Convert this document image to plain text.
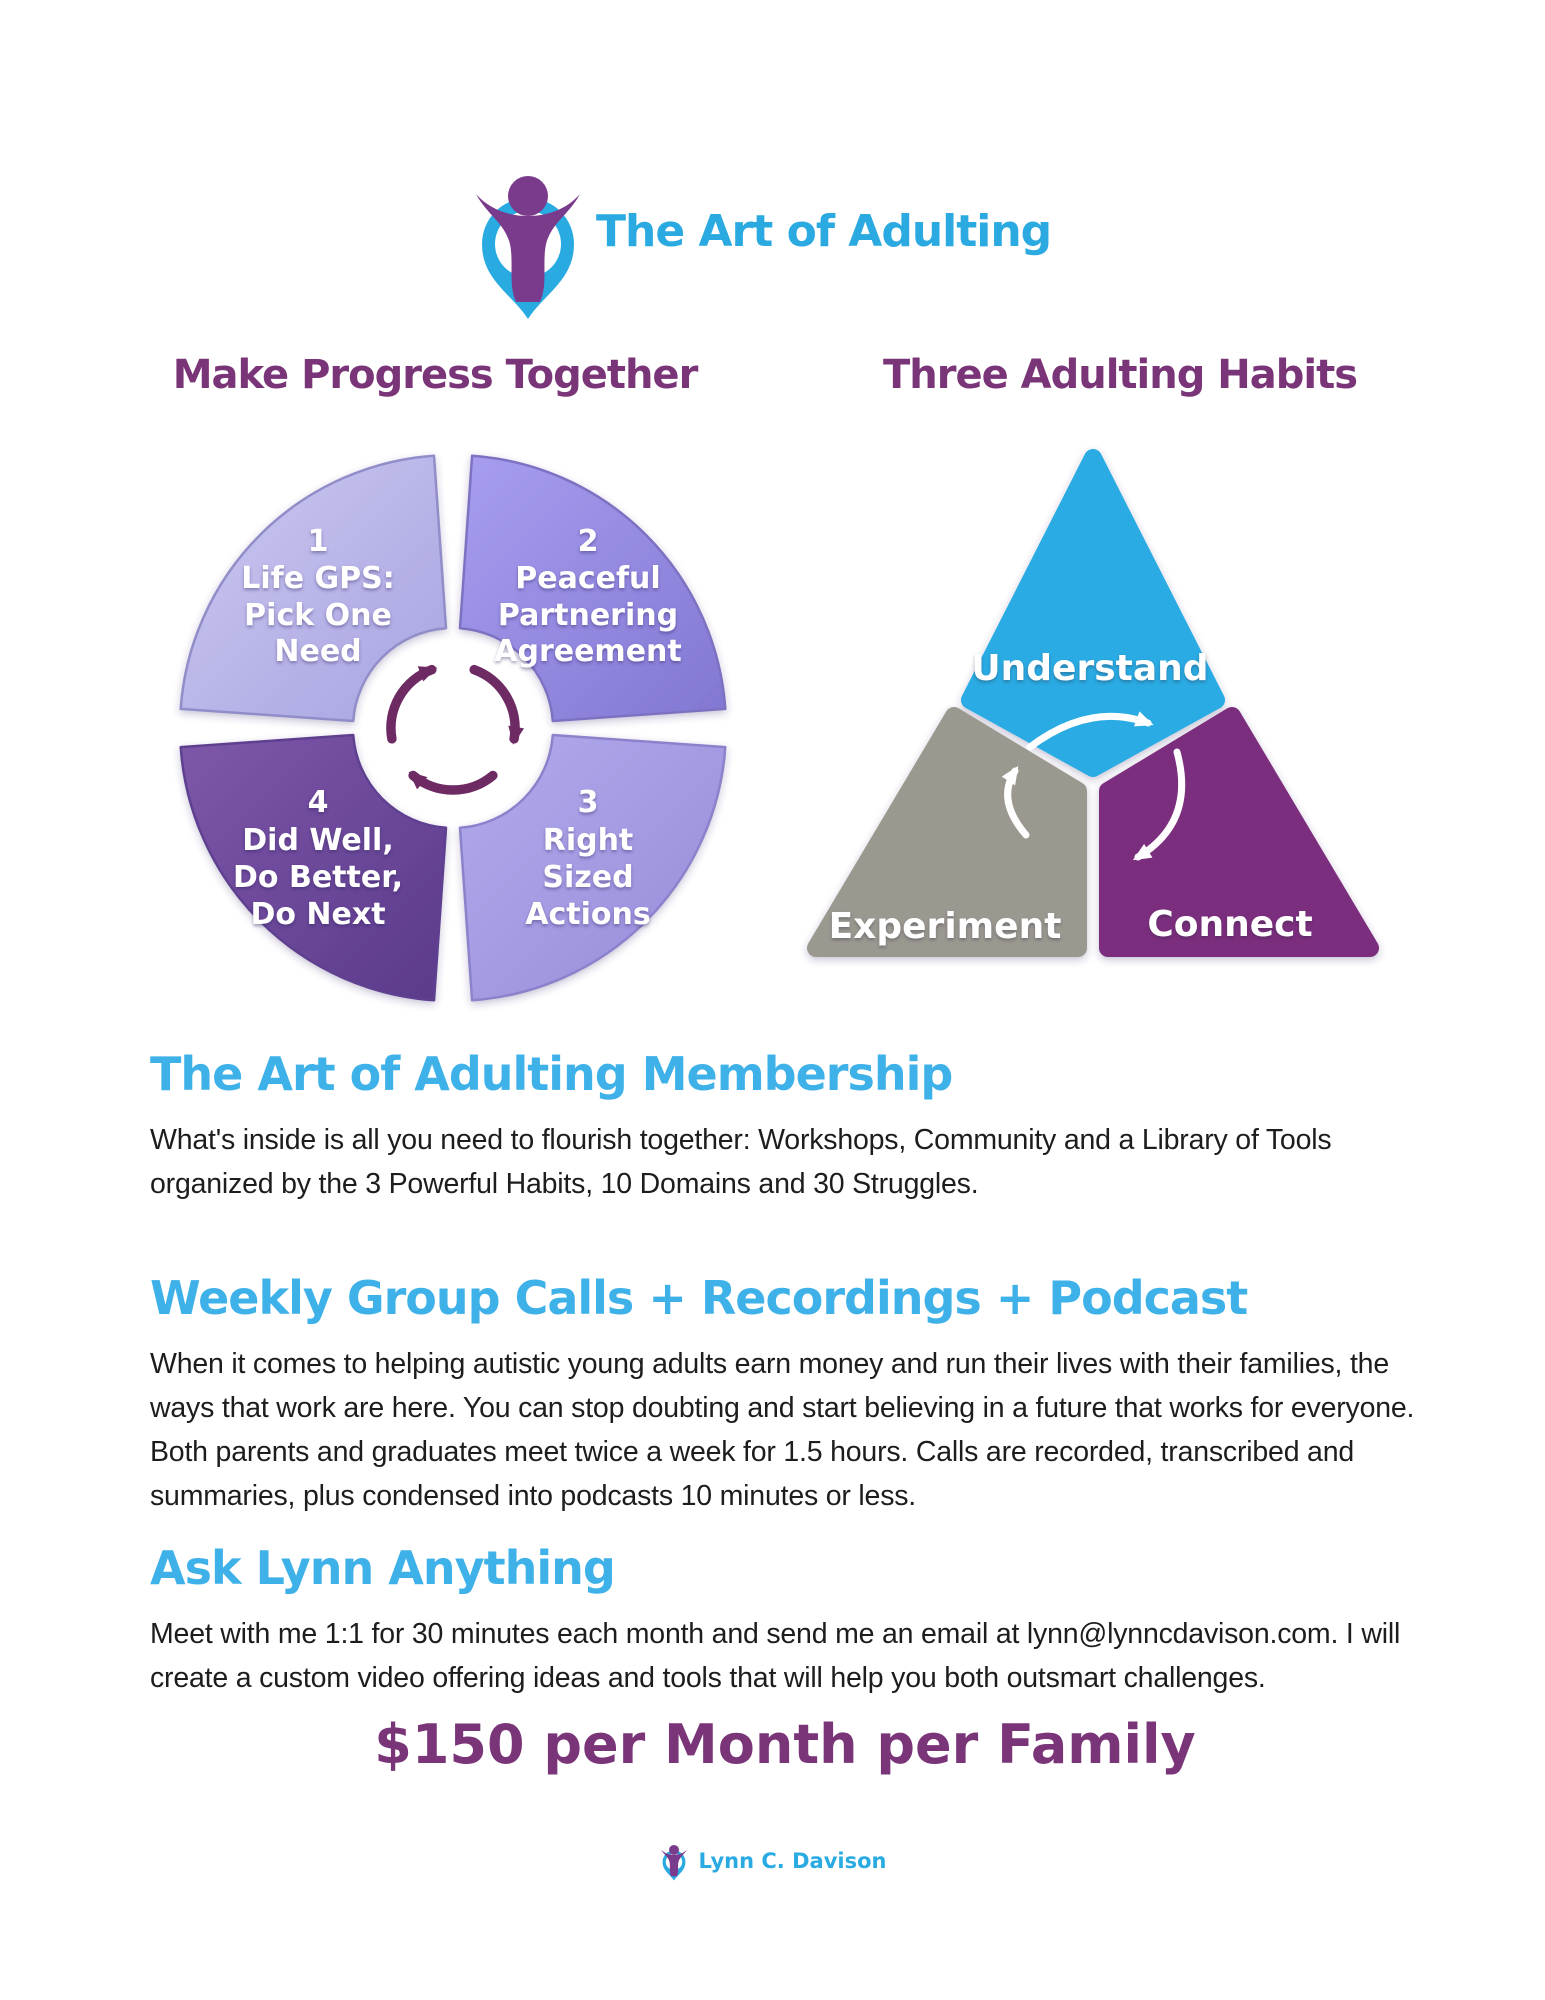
The Art of Adulting
Make Progress Together	Three Adulting Habits
1
Life GPS:
Pick One
Need
2
Peaceful
Partnering
Agreement
3
Right
Sized
Actions
4
Did Well,
Do Better,
Do Next
Understand
Experiment Connect
The Art of Adulting Membership

What's inside is all you need to flourish together: Workshops, Community and a Library of Tools organized by the 3 Powerful Habits, 10 Domains and 30 Struggles.

Weekly Group Calls + Recordings + Podcast

When it comes to helping autistic young adults earn money and run their lives with their families, the ways that work are here. You can stop doubting and start believing in a future that works for everyone. Both parents and graduates meet twice a week for 1.5 hours. Calls are recorded, transcribed and summaries, plus condensed into podcasts 10 minutes or less.

Ask Lynn Anything

Meet with me 1:1 for 30 minutes each month and send me an email at lynn@lynncdavison.com. I will create a custom video offering ideas and tools that will help you both outsmart challenges.

$150 per Month per Family
Lynn C. Davison
